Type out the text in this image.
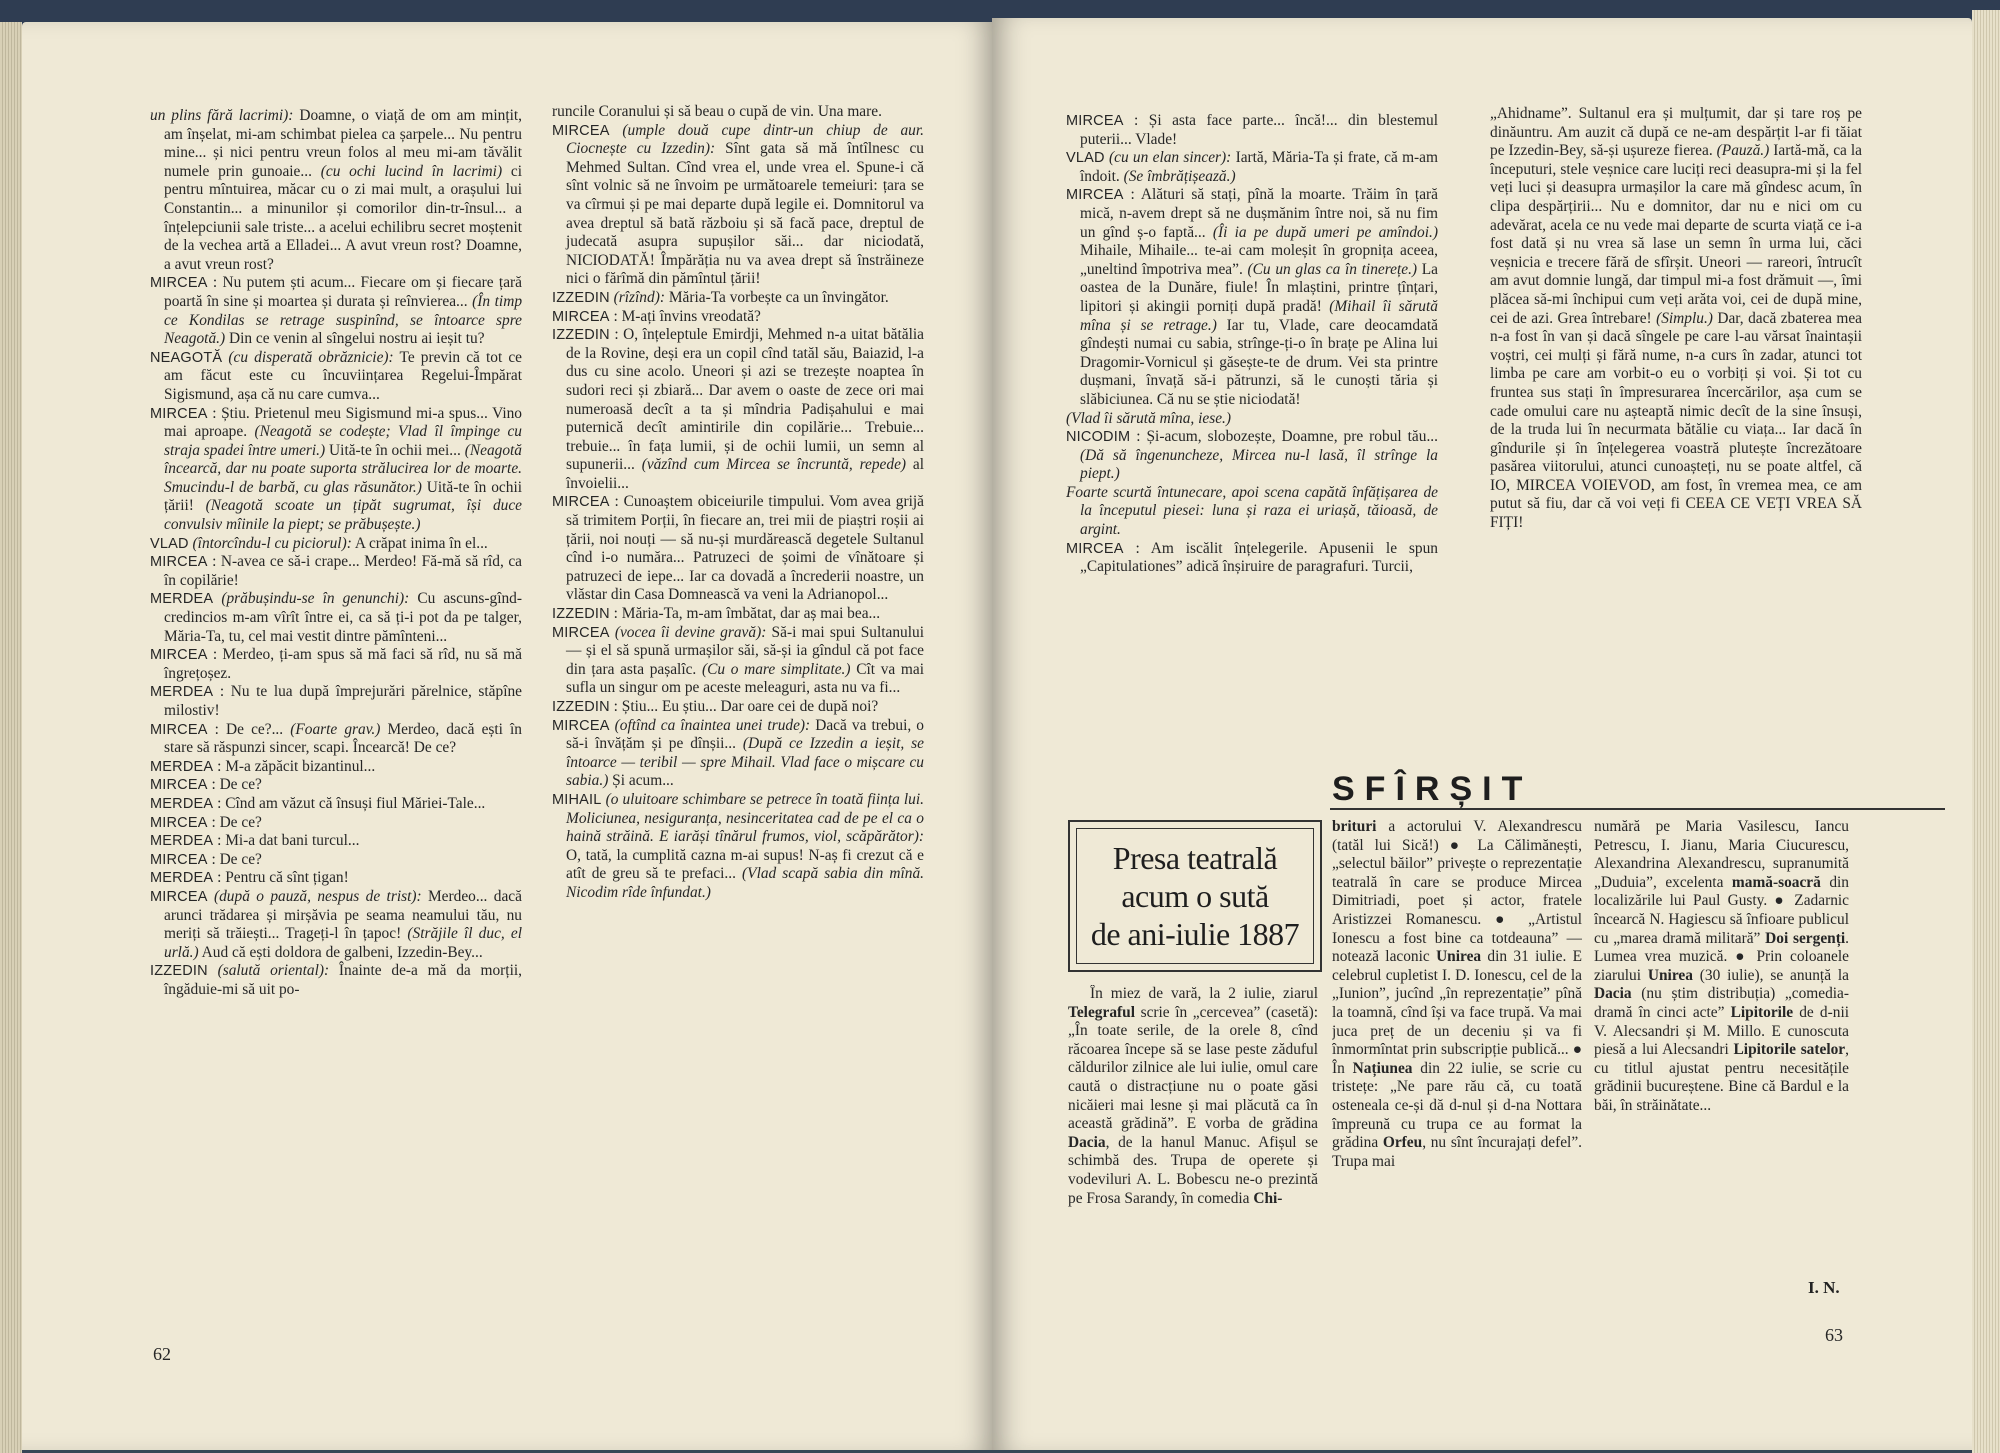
un plins fără lacrimi): Doamne, o viață de om am mințit, am înșelat, mi-am schimbat pielea ca șarpele... Nu pentru mine... și nici pentru vreun folos al meu mi-am tăvălit numele prin gunoaie... (cu ochi lucind în lacrimi) ci pentru mîntuirea, măcar cu o zi mai mult, a orașului lui Constantin... a minunilor și comorilor din-tr-însul... a înțelepciunii sale triste... a acelui echilibru secret moștenit de la vechea artă a Elladei... A avut vreun rost? Doamne, a avut vreun rost?

MIRCEA : Nu putem ști acum... Fiecare om și fiecare țară poartă în sine și moartea și durata și reînvierea... (În timp ce Kondilas se retrage suspinînd, se întoarce spre Neagotă.) Din ce venin al sîngelui nostru ai ieșit tu?

NEAGOTĂ (cu disperată obrăznicie): Te previn că tot ce am făcut este cu încuviințarea Regelui-Împărat Sigismund, așa că nu care cumva...

MIRCEA : Știu. Prietenul meu Sigismund mi-a spus... Vino mai aproape. (Neagotă se codește; Vlad îl împinge cu straja spadei între umeri.) Uită-te în ochii mei... (Neagotă încearcă, dar nu poate suporta strălucirea lor de moarte. Smucindu-l de barbă, cu glas răsunător.) Uită-te în ochii țării! (Neagotă scoate un țipăt sugrumat, își duce convulsiv mîinile la piept; se prăbușește.)

VLAD (întorcîndu-l cu piciorul): A crăpat inima în el...

MIRCEA : N-avea ce să-i crape... Merdeo! Fă-mă să rîd, ca în copilărie!

MERDEA (prăbușindu-se în genunchi): Cu ascuns-gînd-credincios m-am vîrît între ei, ca să ți-i pot da pe talger, Măria-Ta, tu, cel mai vestit dintre pămînteni...

MIRCEA : Merdeo, ți-am spus să mă faci să rîd, nu să mă îngrețoșez.

MERDEA : Nu te lua după împrejurări părelnice, stăpîne milostiv!

MIRCEA : De ce?... (Foarte grav.) Merdeo, dacă ești în stare să răspunzi sincer, scapi. Încearcă! De ce?

MERDEA : M-a zăpăcit bizantinul...

MIRCEA : De ce?

MERDEA : Cînd am văzut că însuși fiul Măriei-Tale...

MIRCEA : De ce?

MERDEA : Mi-a dat bani turcul...

MIRCEA : De ce?

MERDEA : Pentru că sînt țigan!

MIRCEA (după o pauză, nespus de trist): Merdeo... dacă arunci trădarea și mirșăvia pe seama neamului tău, nu meriți să trăiești... Trageți-l în țapoc! (Străjile îl duc, el urlă.) Aud că ești doldora de galbeni, Izzedin-Bey...

IZZEDIN (salută oriental): Înainte de-a mă da morții, îngăduie-mi să uit po-

runcile Coranului și să beau o cupă de vin. Una mare.

MIRCEA (umple două cupe dintr-un chiup de aur. Ciocnește cu Izzedin): Sînt gata să mă întîlnesc cu Mehmed Sultan. Cînd vrea el, unde vrea el. Spune-i că sînt volnic să ne învoim pe următoarele temeiuri: țara se va cîrmui și pe mai departe după legile ei. Domnitorul va avea dreptul să bată războiu și să facă pace, dreptul de judecată asupra supușilor săi... dar niciodată, NICIODATĂ! Împărăția nu va avea drept să înstrăineze nici o fărîmă din pămîntul țării!

IZZEDIN (rîzînd): Măria-Ta vorbește ca un învingător.

MIRCEA : M-ați învins vreodată?

IZZEDIN : O, înțeleptule Emirdji, Mehmed n-a uitat bătălia de la Rovine, deși era un copil cînd tatăl său, Baiazid, l-a dus cu sine acolo. Uneori și azi se trezește noaptea în sudori reci și zbiară... Dar avem o oaste de zece ori mai numeroasă decît a ta și mîndria Padișahului e mai puternică decît amintirile din copilărie... Trebuie... trebuie... în fața lumii, și de ochii lumii, un semn al supunerii... (văzînd cum Mircea se încruntă, repede) al învoielii...

MIRCEA : Cunoaștem obiceiurile timpului. Vom avea grijă să trimitem Porții, în fiecare an, trei mii de piaștri roșii ai țării, noi nouți — să nu-și murdărească degetele Sultanul cînd i-o număra... Patruzeci de șoimi de vînătoare și patruzeci de iepe... Iar ca dovadă a încrederii noastre, un vlăstar din Casa Domnească va veni la Adrianopol...

IZZEDIN : Măria-Ta, m-am îmbătat, dar aș mai bea...

MIRCEA (vocea îi devine gravă): Să-i mai spui Sultanului — și el să spună urmașilor săi, să-și ia gîndul că pot face din țara asta pașalîc. (Cu o mare simplitate.) Cît va mai sufla un singur om pe aceste meleaguri, asta nu va fi...

IZZEDIN : Știu... Eu știu... Dar oare cei de după noi?

MIRCEA (oftînd ca înaintea unei trude): Dacă va trebui, o să-i învățăm și pe dînșii... (După ce Izzedin a ieșit, se întoarce — teribil — spre Mihail. Vlad face o mișcare cu sabia.) Și acum...

MIHAIL (o uluitoare schimbare se petrece în toată ființa lui. Moliciunea, nesiguranța, nesinceritatea cad de pe el ca o haină străină. E iarăși tînărul frumos, viol, scăpărător): O, tată, la cumplită cazna m-ai supus! N-aș fi crezut că e atît de greu să te prefaci... (Vlad scapă sabia din mînă. Nicodim rîde înfundat.)

62

MIRCEA : Și asta face parte... încă!... din blestemul puterii... Vlade!

VLAD (cu un elan sincer): Iartă, Măria-Ta și frate, că m-am îndoit. (Se îmbrățișează.)

MIRCEA : Alături să stați, pînă la moarte. Trăim în țară mică, n-avem drept să ne dușmănim între noi, să nu fim un gînd ș-o faptă... (Îi ia pe după umeri pe amîndoi.) Mihaile, Mihaile... te-ai cam moleșit în gropnița aceea, „uneltind împotriva mea”. (Cu un glas ca în tinerețe.) La oastea de la Dunăre, fiule! În mlaștini, printre țînțari, lipitori și akingii porniți după pradă! (Mihail îi sărută mîna și se retrage.) Iar tu, Vlade, care deocamdată gîndești numai cu sabia, strînge-ți-o în brațe pe Alina lui Dragomir-Vornicul și găsește-te de drum. Vei sta printre dușmani, învață să-i pătrunzi, să le cunoști tăria și slăbiciunea. Că nu se știe niciodată!

(Vlad îi sărută mîna, iese.)

NICODIM : Și-acum, slobozește, Doamne, pre robul tău... (Dă să îngenuncheze, Mircea nu-l lasă, îl strînge la piept.)

Foarte scurtă întunecare, apoi scena capătă înfățișarea de la începutul piesei: luna și raza ei uriașă, tăioasă, de argint.

MIRCEA : Am iscălit înțelegerile. Apusenii le spun „Capitulationes” adică înșiruire de paragrafuri. Turcii,

„Ahidname”. Sultanul era și mulțumit, dar și tare roș pe dinăuntru. Am auzit că după ce ne-am despărțit l-ar fi tăiat pe Izzedin-Bey, să-și ușureze fierea. (Pauză.) Iartă-mă, ca la începuturi, stele veșnice care luciți reci deasupra-mi și la fel veți luci și deasupra urmașilor la care mă gîndesc acum, în clipa despărțirii... Nu e domnitor, dar nu e nici om cu adevărat, acela ce nu vede mai departe de scurta viață ce i-a fost dată și nu vrea să lase un semn în urma lui, căci veșnicia e trecere fără de sfîrșit. Uneori — rareori, întrucît am avut domnie lungă, dar timpul mi-a fost drămuit —, îmi plăcea să-mi închipui cum veți arăta voi, cei de după mine, cei de azi. Grea întrebare! (Simplu.) Dar, dacă zbaterea mea n-a fost în van și dacă sîngele pe care l-au vărsat înaintașii voștri, cei mulți și fără nume, n-a curs în zadar, atunci tot limba pe care am vorbit-o eu o vorbiți și voi. Și tot cu fruntea sus stați în împresurarea încercărilor, așa cum se cade omului care nu așteaptă nimic decît de la sine însuși, de la truda lui în necurmata bătălie cu viața... Iar dacă în gîndurile și în înțelegerea voastră plutește încrezătoare pasărea viitorului, atunci cunoașteți, nu se poate altfel, că IO, MIRCEA VOIEVOD, am fost, în vremea mea, ce am putut să fiu, dar că voi veți fi CEEA CE VEȚI VREA SĂ FIȚI!

SFÎRȘIT
Presa teatrală
acum o sută
de ani-iulie 1887

În miez de vară, la 2 iulie, ziarul Telegraful scrie în „cercevea” (casetă): „În toate serile, de la orele 8, cînd răcoarea începe să se lase peste zăduful căldurilor zilnice ale lui iulie, omul care caută o distracțiune nu o poate găsi nicăieri mai lesne și mai plăcută ca în această grădină”. E vorba de grădina Dacia, de la hanul Manuc. Afișul se schimbă des. Trupa de operete și vodeviluri A. L. Bobescu ne-o prezintă pe Frosa Sarandy, în comedia Chi-

brituri a actorului V. Alexandrescu (tatăl lui Sică!) ● La Călimănești, „selectul băilor” privește o reprezentație teatrală în care se produce Mircea Dimitriadi, poet și actor, fratele Aristizzei Romanescu. ● „Artistul Ionescu a fost bine ca totdeauna” — notează laconic Unirea din 31 iulie. E celebrul cupletist I. D. Ionescu, cel de la „Iunion”, jucînd „în reprezentație” pînă la toamnă, cînd își va face trupă. Va mai juca preț de un deceniu și va fi înmormîntat prin subscripție publică... ● În Națiunea din 22 iulie, se scrie cu tristețe: „Ne pare rău că, cu toată osteneala ce-și dă d-nul și d-na Nottara împreună cu trupa ce au format la grădina Orfeu, nu sînt încurajați defel”. Trupa mai

numără pe Maria Vasilescu, Iancu Petrescu, I. Jianu, Maria Ciucurescu, Alexandrina Alexandrescu, supranumită „Duduia”, excelenta mamă-soacră din localizările lui Paul Gusty. ● Zadarnic încearcă N. Hagiescu să înfioare publicul cu „marea dramă militară” Doi sergenți. Lumea vrea muzică. ● Prin coloanele ziarului Unirea (30 iulie), se anunță la Dacia (nu știm distribuția) „comedia-dramă în cinci acte” Lipitorile de d-nii V. Alecsandri și M. Millo. E cunoscuta piesă a lui Alecsandri Lipitorile satelor, cu titlul ajustat pentru necesitățile grădinii bucureștene. Bine că Bardul e la băi, în străinătate...

I. N.
63
